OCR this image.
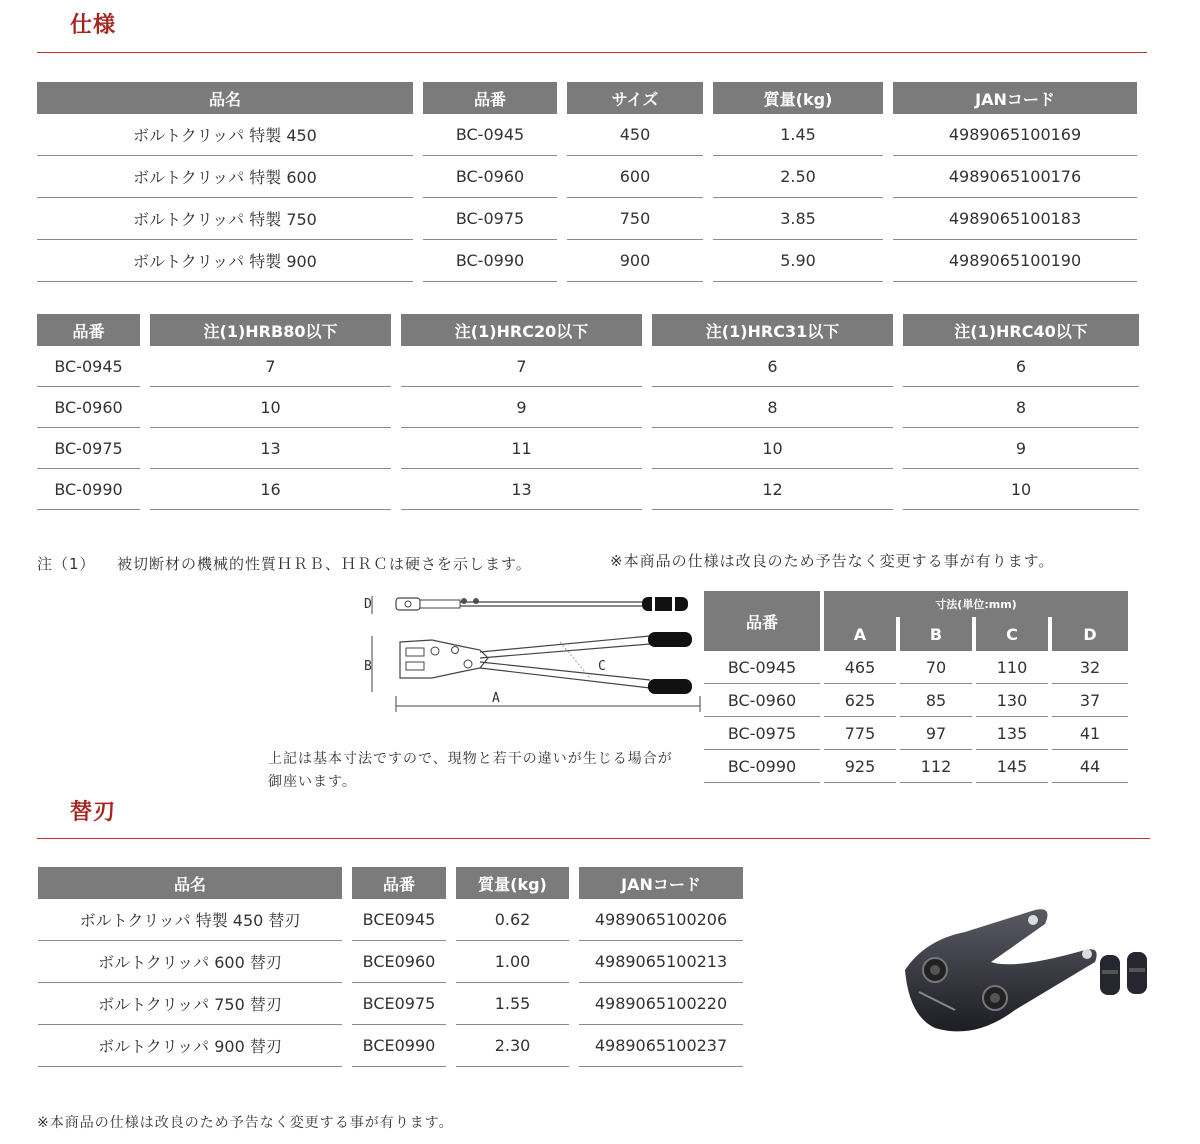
仕様
品名	品番	サイズ	質量(kg)	JANコード
ボルトクリッパ 特製 450	BC-0945	450	1.45	4989065100169
ボルトクリッパ 特製 600	BC-0960	600	2.50	4989065100176
ボルトクリッパ 特製 750	BC-0975	750	3.85	4989065100183
ボルトクリッパ 特製 900	BC-0990	900	5.90	4989065100190
品番	注(1)HRB80以下	注(1)HRC20以下	注(1)HRC31以下	注(1)HRC40以下
BC-0945	7	7	6	6
BC-0960	10	9	8	8
BC-0975	13	11	10	9
BC-0990	16	13	12	10
注（1） 被切断材の機械的性質ＨＲＢ、ＨＲＣは硬さを示します。	※本商品の仕様は改良のため予告なく変更する事が有ります。
D
B	C
A
品番	寸法(単位:mm)			
	A	B	C	D
BC-0945	465	70	110	32
BC-0960	625	85	130	37
BC-0975	775	97	135	41
BC-0990	925	112	145	44
上記は基本寸法ですので、現物と若干の違いが生じる場合が
御座います。
替刃
品名	品番	質量(kg)	JANコード
ボルトクリッパ 特製 450 替刃	BCE0945	0.62	4989065100206
ボルトクリッパ 600 替刃	BCE0960	1.00	4989065100213
ボルトクリッパ 750 替刃	BCE0975	1.55	4989065100220
ボルトクリッパ 900 替刃	BCE0990	2.30	4989065100237
※本商品の仕様は改良のため予告なく変更する事が有ります。
